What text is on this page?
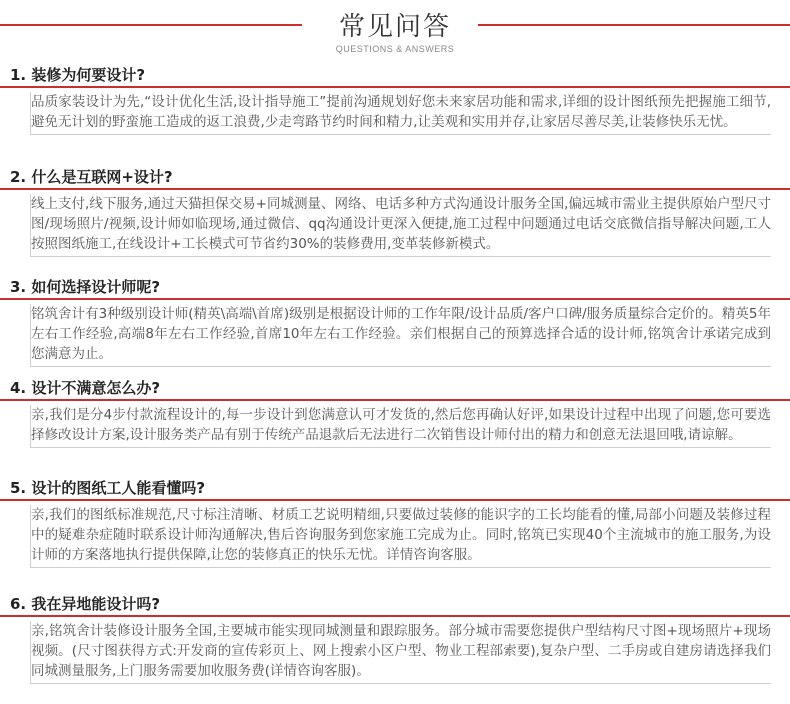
常见问答
QUESTIONS & ANSWERS
1. 装修为何要设计?

品质家装设计为先,“设计优化生活,设计指导施工”提前沟通规划好您未来家居功能和需求,详细的设计图纸预先把握施工细节,避免无计划的野蛮施工造成的返工浪费,少走弯路节约时间和精力,让美观和实用并存,让家居尽善尽美,让装修快乐无忧。

2. 什么是互联网+设计?

线上支付,线下服务,通过天猫担保交易+同城测量、网络、电话多种方式沟通设计服务全国,偏远城市需业主提供原始户型尺寸图/现场照片/视频,设计师如临现场,通过微信、qq沟通设计更深入便捷,施工过程中问题通过电话交底微信指导解决问题,工人按照图纸施工,在线设计+工长模式可节省约30%的装修费用,变革装修新模式。

3. 如何选择设计师呢?

铭筑舍计有3种级别设计师(精英\高端\首席)级别是根据设计师的工作年限/设计品质/客户口碑/服务质量综合定价的。精英5年左右工作经验,高端8年左右工作经验,首席10年左右工作经验。亲们根据自己的预算选择合适的设计师,铭筑舍计承诺完成到您满意为止。

4. 设计不满意怎么办?

亲,我们是分4步付款流程设计的,每一步设计到您满意认可才发货的,然后您再确认好评,如果设计过程中出现了问题,您可要选择修改设计方案,设计服务类产品有别于传统产品退款后无法进行二次销售设计师付出的精力和创意无法退回哦,请谅解。

5. 设计的图纸工人能看懂吗?

亲,我们的图纸标准规范,尺寸标注清晰、材质工艺说明精细,只要做过装修的能识字的工长均能看的懂,局部小问题及装修过程中的疑难杂症随时联系设计师沟通解决,售后咨询服务到您家施工完成为止。同时,铭筑已实现40个主流城市的施工服务,为设计师的方案落地执行提供保障,让您的装修真正的快乐无忧。详情咨询客服。

6. 我在异地能设计吗?

亲,铭筑舍计装修设计服务全国,主要城市能实现同城测量和跟踪服务。部分城市需要您提供户型结构尺寸图+现场照片+现场视频。(尺寸图获得方式:开发商的宣传彩页上、网上搜索小区户型、物业工程部索要),复杂户型、二手房或自建房请选择我们同城测量服务,上门服务需要加收服务费(详情咨询客服)。
